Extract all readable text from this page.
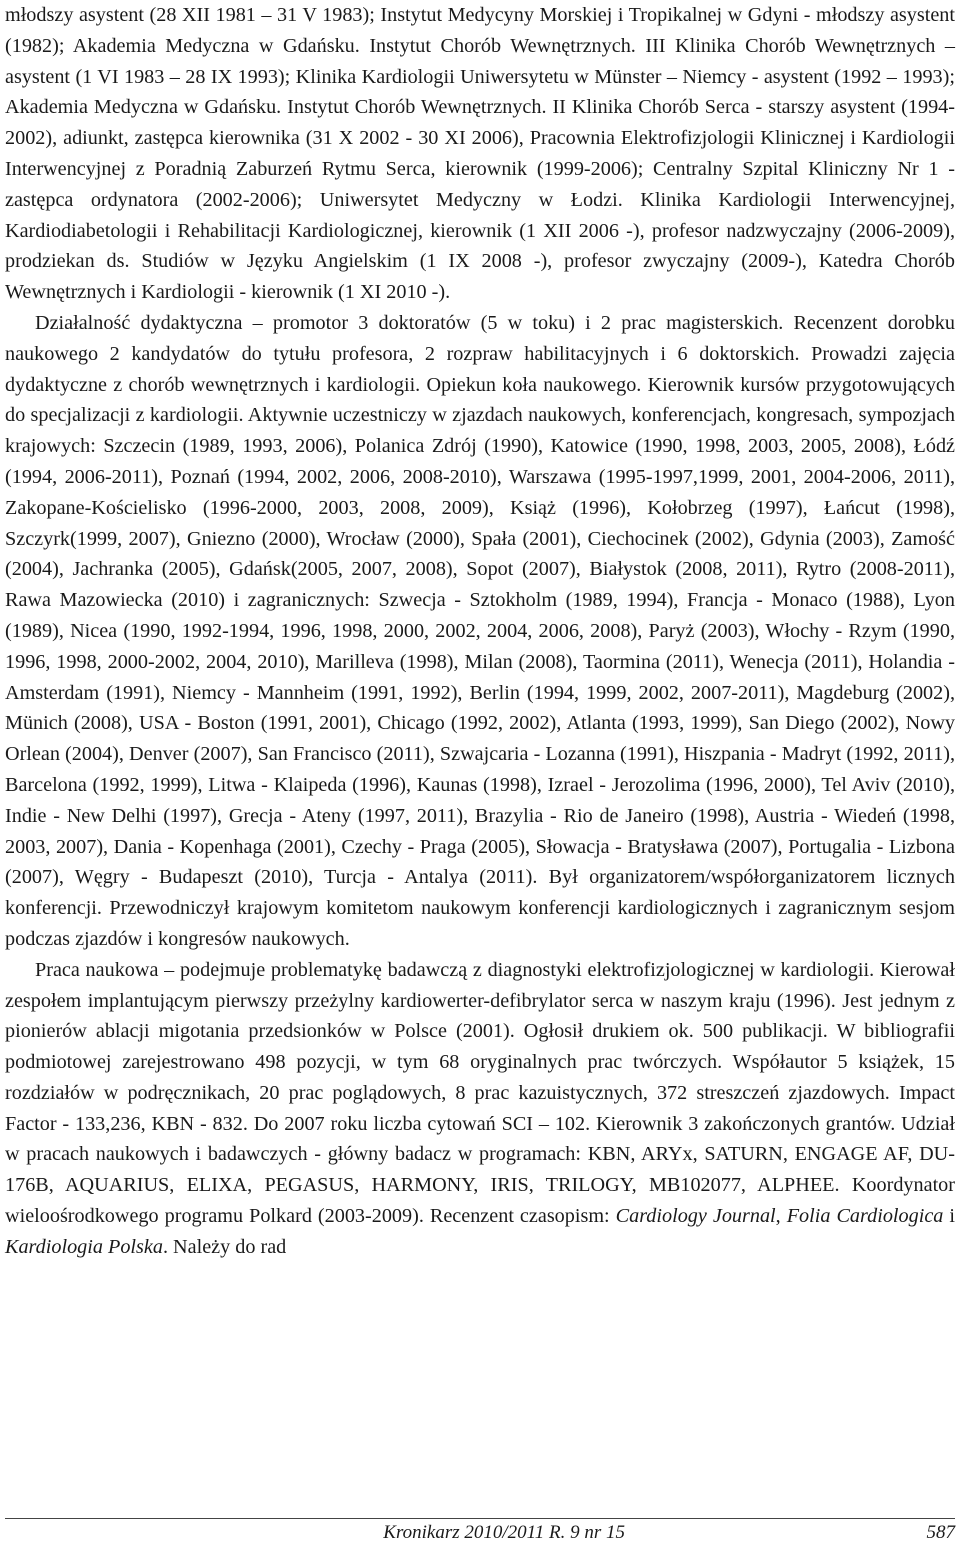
młodszy asystent (28 XII 1981 – 31 V 1983); Instytut Medycyny Morskiej i Tropikalnej w Gdyni - młodszy asystent (1982); Akademia Medyczna w Gdańsku. Instytut Chorób Wewnętrznych. III Klinika Chorób Wewnętrznych – asystent (1 VI 1983 – 28 IX 1993); Klinika Kardiologii Uniwersytetu w Münster – Niemcy - asystent (1992 – 1993); Akademia Medyczna w Gdańsku. Instytut Chorób Wewnętrznych. II Klinika Chorób Serca - starszy asystent (1994-2002), adiunkt, zastępca kierownika (31 X 2002 - 30 XI 2006), Pracownia Elektrofizjologii Klinicznej i Kardiologii Interwencyjnej z Poradnią Zaburzeń Rytmu Serca, kierownik (1999-2006); Centralny Szpital Kliniczny Nr 1 - zastępca ordynatora (2002-2006); Uniwersytet Medyczny w Łodzi. Klinika Kardiologii Interwencyjnej, Kardiodiabetologii i Rehabilitacji Kardiologicznej, kierownik (1 XII 2006 -), profesor nadzwyczajny (2006-2009), prodziekan ds. Studiów w Języku Angielskim (1 IX 2008 -), profesor zwyczajny (2009-), Katedra Chorób Wewnętrznych i Kardiologii - kierownik (1 XI 2010 -).

Działalność dydaktyczna – promotor 3 doktoratów (5 w toku) i 2 prac magisterskich. Recenzent dorobku naukowego 2 kandydatów do tytułu profesora, 2 rozpraw habilitacyjnych i 6 doktorskich. Prowadzi zajęcia dydaktyczne z chorób wewnętrznych i kardiologii. Opiekun koła naukowego. Kierownik kursów przygotowujących do specjalizacji z kardiologii. Aktywnie uczestniczy w zjazdach naukowych, konferencjach, kongresach, sympozjach krajowych: Szczecin (1989, 1993, 2006), Polanica Zdrój (1990), Katowice (1990, 1998, 2003, 2005, 2008), Łódź (1994, 2006-2011), Poznań (1994, 2002, 2006, 2008-2010), Warszawa (1995-1997,1999, 2001, 2004-2006, 2011), Zakopane-Kościelisko (1996-2000, 2003, 2008, 2009), Książ (1996), Kołobrzeg (1997), Łańcut (1998), Szczyrk(1999, 2007), Gniezno (2000), Wrocław (2000), Spała (2001), Ciechocinek (2002), Gdynia (2003), Zamość (2004), Jachranka (2005), Gdańsk(2005, 2007, 2008), Sopot (2007), Białystok (2008, 2011), Rytro (2008-2011), Rawa Mazowiecka (2010) i zagranicznych: Szwecja - Sztokholm (1989, 1994), Francja - Monaco (1988), Lyon (1989), Nicea (1990, 1992-1994, 1996, 1998, 2000, 2002, 2004, 2006, 2008), Paryż (2003), Włochy - Rzym (1990, 1996, 1998, 2000-2002, 2004, 2010), Marilleva (1998), Milan (2008), Taormina (2011), Wenecja (2011), Holandia - Amsterdam (1991), Niemcy - Mannheim (1991, 1992), Berlin (1994, 1999, 2002, 2007-2011), Magdeburg (2002), Münich (2008), USA - Boston (1991, 2001), Chicago (1992, 2002), Atlanta (1993, 1999), San Diego (2002), Nowy Orlean (2004), Denver (2007), San Francisco (2011), Szwajcaria - Lozanna (1991), Hiszpania - Madryt (1992, 2011), Barcelona (1992, 1999), Litwa - Klaipeda (1996), Kaunas (1998), Izrael - Jerozolima (1996, 2000), Tel Aviv (2010), Indie - New Delhi (1997), Grecja - Ateny (1997, 2011), Brazylia - Rio de Janeiro (1998), Austria - Wiedeń (1998, 2003, 2007), Dania - Kopenhaga (2001), Czechy - Praga (2005), Słowacja - Bratysława (2007), Portugalia - Lizbona (2007), Węgry - Budapeszt (2010), Turcja - Antalya (2011). Był organizatorem/współorganizatorem licznych konferencji. Przewodniczył krajowym komitetom naukowym konferencji kardiologicznych i zagranicznym sesjom podczas zjazdów i kongresów naukowych.

Praca naukowa – podejmuje problematykę badawczą z diagnostyki elektrofizjologicznej w kardiologii. Kierował zespołem implantującym pierwszy przeżylny kardiowerter-defibrylator serca w naszym kraju (1996). Jest jednym z pionierów ablacji migotania przedsionków w Polsce (2001). Ogłosił drukiem ok. 500 publikacji. W bibliografii podmiotowej zarejestrowano 498 pozycji, w tym 68 oryginalnych prac twórczych. Współautor 5 książek, 15 rozdziałów w podręcznikach, 20 prac poglądowych, 8 prac kazuistycznych, 372 streszczeń zjazdowych. Impact Factor - 133,236, KBN - 832. Do 2007 roku liczba cytowań SCI – 102. Kierownik 3 zakończonych grantów. Udział w pracach naukowych i badawczych - główny badacz w programach: KBN, ARYx, SATURN, ENGAGE AF, DU-176B, AQUARIUS, ELIXA, PEGASUS, HARMONY, IRIS, TRILOGY, MB102077, ALPHEE. Koordynator wieloośrodkowego programu Polkard (2003-2009). Recenzent czasopism: Cardiology Journal, Folia Cardiologica i Kardiologia Polska. Należy do rad

Kronikarz 2010/2011 R. 9 nr 15	587
